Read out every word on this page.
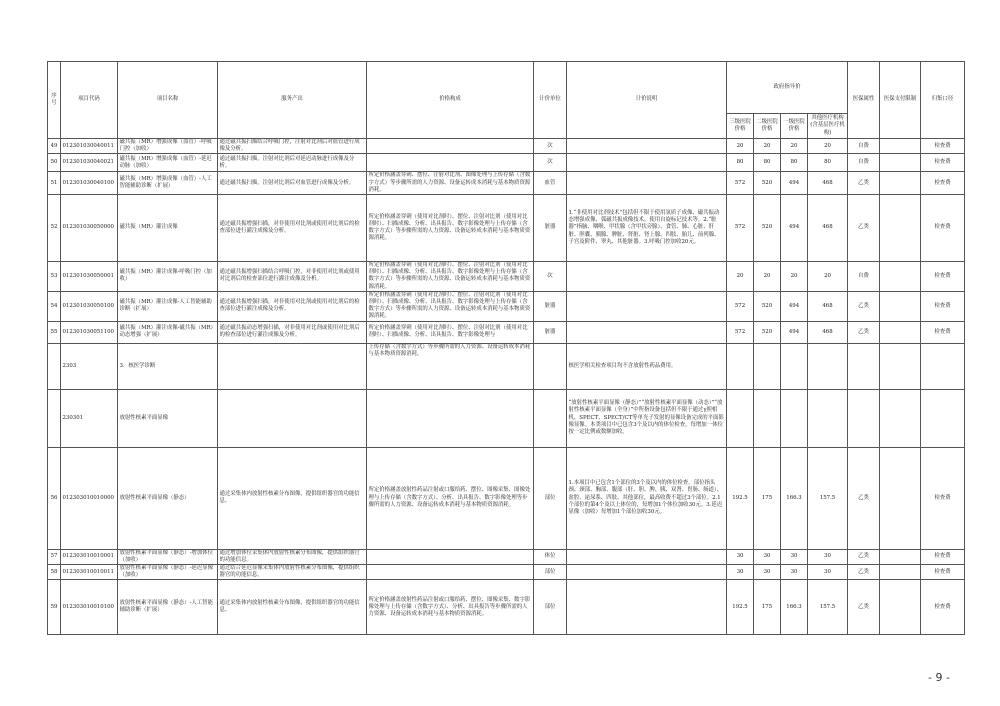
序号	项目代码	项目名称	服务产出	价格构成	计价单位	计价说明	政府指导价				医保属性	医保支付限制	归集口径
							三级医院价格	二级医院价格	一级医院价格	其他医疗机构(含基层医疗机构)			
49	012301030040011	磁共振（MR）增强成像（血管）-呼吸门控（加收）	通过磁共振扫描结合呼吸门控，注射对比剂后对血管进行成像及分析。		次		20	20	20	20	自费		检查费
50	012301030040021	磁共振（MR）增强成像（血管）-延迟动脉（加收）	通过磁共振扫描，注射对比剂后对延迟动脉进行成像及分析。		次		80	80	80	80	自费		检查费
51	012301030040100	磁共振（MR）增强成像（血管）-人工智能辅助诊断（扩展）	通过磁共振扫描，注射对比剂后对血管进行成像及分析。	所定价格涵盖穿刺、摆位、注射对比剂、图像处理与上传存储（含数字方式）等步骤所需的人力资源、设备运转成本消耗与基本物质资源消耗。	血管		572	520	494	468	乙类		检查费
52	012301030050000	磁共振（MR）灌注成像	通过磁共振增强扫描，对非使用对比剂或使用对比剂后的检查部位进行灌注成像及分析。	所定价格涵盖穿刺（使用对比剂时）、摆位、注射对比剂（使用对比剂时）、扫描成像、分析、出具报告、数字影像处理与上传存储（含数字方式）等步骤所需的人力资源、设备运转成本消耗与基本物质资源消耗。	脏器	1.“非使用对比剂技术”包括但不限于使用氢质子成像、磁共振动态增强成像、弧磁共振成像技术。使用自旋标记技术等。2.“脏器”指脑、咽喉、甲状腺（含甲状旁腺）、食管、肺、心脏、肝脏、胆囊、胰腺、脾脏、肾脏、肾上腺、四肢、胎儿、前列腺、子宫及附件、睾丸、其他脏器。3.呼吸门控加收20元。	572	520	494	468	乙类		检查费
53	012301030050001	磁共振（MR）灌注成像-呼吸门控（加收）	通过磁共振增强扫描结合呼吸门控，对非使用对比剂或使用对比剂后的检查部位进行灌注成像及分析。	所定价格涵盖穿刺（使用对比剂时）、摆位、注射对比剂（使用对比剂时）、扫描成像、分析、出具报告、数字影像处理与上传存储（含数字方式）等步骤所需的人力资源、设备运转成本消耗与基本物质资源消耗。	次		20	20	20	20	自费		检查费
54	012301030050100	磁共振（MR）灌注成像-人工智能辅助诊断（扩展）	通过磁共振增强扫描，对非使用对比剂或使用对比剂后的检查部位进行灌注成像及分析。	所定价格涵盖穿刺（使用对比剂时）、摆位、注射对比剂（使用对比剂时）、扫描成像、分析、出具报告、数字影像处理与上传存储（含数字方式）等步骤所需的人力资源、设备运转成本消耗与基本物质资源消耗。	脏器		572	520	494	468	乙类		检查费
55	012301030051100	磁共振（MR）灌注成像-磁共振（MR）动态增强（扩展）	通过磁共振动态增强扫描，对非使用对比剂或使用对比剂后的检查部位进行灌注成像及分析。	所定价格涵盖穿刺（使用对比剂时）、摆位、注射对比剂（使用对比剂时）、扫描成像、分析、出具报告、数字影像处理与	脏器		572	520	494	468	乙类		检查费
	2303	3．核医学诊断		上传存储（含数字方式）等步骤所需的人力资源、设备运转成本消耗与基本物质资源消耗。		核医学相关检查项目均不含放射性药品费用。							
	230301	放射性核素平面显像				“放射性核素平面显像（静态）”“放射性核素平面显像（动态）”“放射性核素平面显像（全身）”中所指设备包括但不限于通过γ照相机、SPECT、SPECT/CT等单光子发射的显像设备完成的平面影像显像。本类项目中已包含3个及以内的体位检查，每增加一体位按一定比例或数额加收。							
56	012303010010000	放射性核素平面显像（静态）	通过采集体内放射性核素分布图像，提供组织器官的功能信息。	所定价格涵盖放射性药品注射或口服给药、摆位、图像采集、图像处理与上传存储（含数字方式）、分析、出具报告、数字影像处理等步骤所需的人力资源、设备运转成本消耗与基本物质资源消耗。	部位	1.本项目中已包含1个部位的3个及以内的体位检查。部位指头颈、颈部、胸部、腹部（肝、胆、脾、胰、双肾、胃肠、肠道）、盆腔、泌尿系、四肢、其他部位，最高收费不超过3个部位。2.1个部位的第4个及以上体位的，每增加1个体位加收30元。3.延迟显像（加收）每增加1个部位加收30元。	192.5	175	166.3	157.5	乙类		检查费
57	012303010010001	放射性核素平面显像（静态）-增加体位（加收）	通过增加体位采集体内放射性核素分布图像，提供组织器官的功能信息。		体位		30	30	30	30	乙类		检查费
58	012303010010011	放射性核素平面显像（静态）-延迟显像（加收）	通过结合延迟显像采集体内放射性核素分布图像，提供组织器官的功能信息。		部位		30	30	30	30	乙类		检查费
59	012303010010100	放射性核素平面显像（静态）-人工智能辅助诊断（扩展）	通过采集体内放射性核素分布图像，提供组织器官的功能信息。	所定价格涵盖放射性药品注射或口服给药、摆位、图像采集、数字影像处理与上传存储（含数字方式）、分析、出具报告等步骤所需的人力资源、设备运转成本消耗与基本物质资源消耗。	部位		192.5	175	166.3	157.5	乙类		检查费
- 9 -
